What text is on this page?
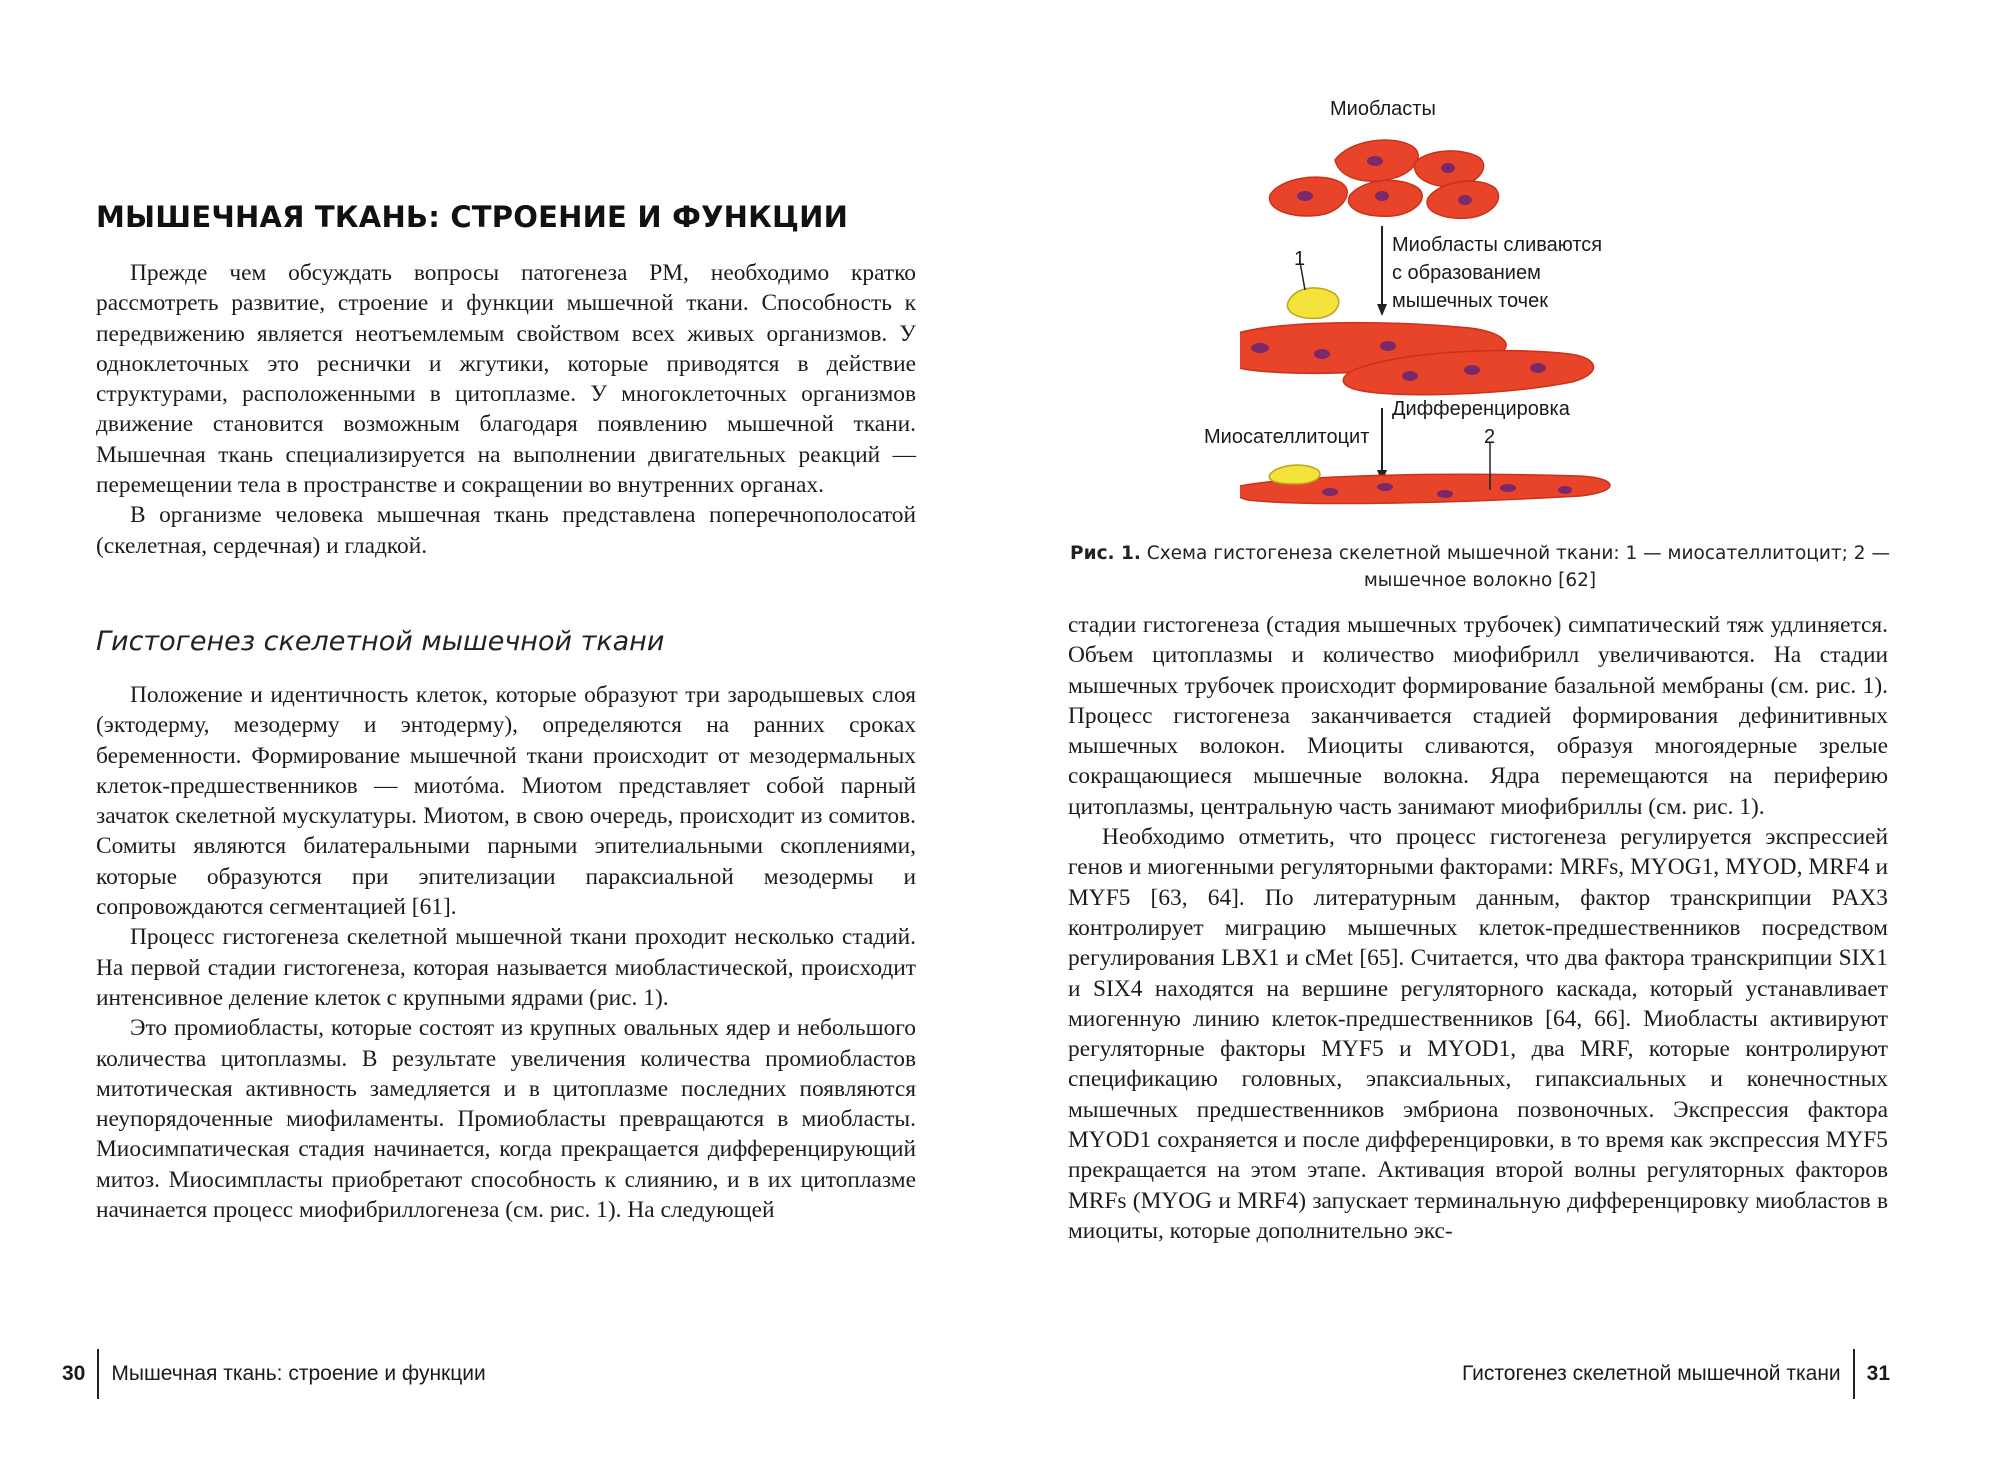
МЫШЕЧНАЯ ТКАНЬ: СТРОЕНИЕ И ФУНКЦИИ

Прежде чем обсуждать вопросы патогенеза РМ, необходимо кратко рассмотреть развитие, строение и функции мышечной ткани. Способность к передвижению является неотъемлемым свойством всех живых организмов. У одноклеточных это реснички и жгутики, которые приводятся в действие структурами, расположенными в цитоплазме. У многоклеточных организмов движение становится возможным благодаря появлению мышечной ткани. Мышечная ткань специализируется на выполнении двигательных реакций — перемещении тела в пространстве и сокращении во внутренних органах.

В организме человека мышечная ткань представлена поперечнополосатой (скелетная, сердечная) и гладкой.

Гистогенез скелетной мышечной ткани

Положение и идентичность клеток, которые образуют три зародышевых слоя (эктодерму, мезодерму и энтодерму), определяются на ранних сроках беременности. Формирование мышечной ткани происходит от мезодермальных клеток-предшественников — миотóма. Миотом представляет собой парный зачаток скелетной мускулатуры. Миотом, в свою очередь, происходит из сомитов. Сомиты являются билатеральными парными эпителиальными скоплениями, которые образуются при эпителизации параксиальной мезодермы и сопровождаются сегментацией [61].

Процесс гистогенеза скелетной мышечной ткани проходит несколько стадий. На первой стадии гистогенеза, которая называется миобластической, происходит интенсивное деление клеток с крупными ядрами (рис. 1).

Это промиобласты, которые состоят из крупных овальных ядер и небольшого количества цитоплазмы. В результате увеличения количества промиобластов митотическая активность замедляется и в цитоплазме последних появляются неупорядоченные миофиламенты. Промиобласты превращаются в миобласты. Миосимпатическая стадия начинается, когда прекращается дифференцирующий митоз. Миосимпласты приобретают способность к слиянию, и в их цитоплазме начинается процесс миофибриллогенеза (см. рис. 1). На следующей

30 Мышечная ткань: строение и функции
Миобласты
Миобласты сливаются
с образованием
мышечных точек
1
Дифференцировка
Миосателлитоцит	2
Рис. 1. Схема гистогенеза скелетной мышечной ткани: 1 — миосателлитоцит; 2 — мышечное волокно [62]

стадии гистогенеза (стадия мышечных трубочек) симпатический тяж удлиняется. Объем цитоплазмы и количество миофибрилл увеличиваются. На стадии мышечных трубочек происходит формирование базальной мембраны (см. рис. 1). Процесс гистогенеза заканчивается стадией формирования дефинитивных мышечных волокон. Миоциты сливаются, образуя многоядерные зрелые сокращающиеся мышечные волокна. Ядра перемещаются на периферию цитоплазмы, центральную часть занимают миофибриллы (см. рис. 1).

Необходимо отметить, что процесс гистогенеза регулируется экспрессией генов и миогенными регуляторными факторами: MRFs, MYOG1, MYOD, MRF4 и MYF5 [63, 64]. По литературным данным, фактор транскрипции PAX3 контролирует миграцию мышечных клеток-предшественников посредством регулирования LBX1 и cMet [65]. Считается, что два фактора транскрипции SIX1 и SIX4 находятся на вершине регуляторного каскада, который устанавливает миогенную линию клеток-предшественников [64, 66]. Миобласты активируют регуляторные факторы MYF5 и MYOD1, два MRF, которые контролируют спецификацию головных, эпаксиальных, гипаксиальных и конечностных мышечных предшественников эмбриона позвоночных. Экспрессия фактора MYOD1 сохраняется и после дифференцировки, в то время как экспрессия MYF5 прекращается на этом этапе. Активация второй волны регуляторных факторов MRFs (MYOG и MRF4) запускает терминальную дифференцировку миобластов в миоциты, которые дополнительно экс-

Гистогенез скелетной мышечной ткани 31
